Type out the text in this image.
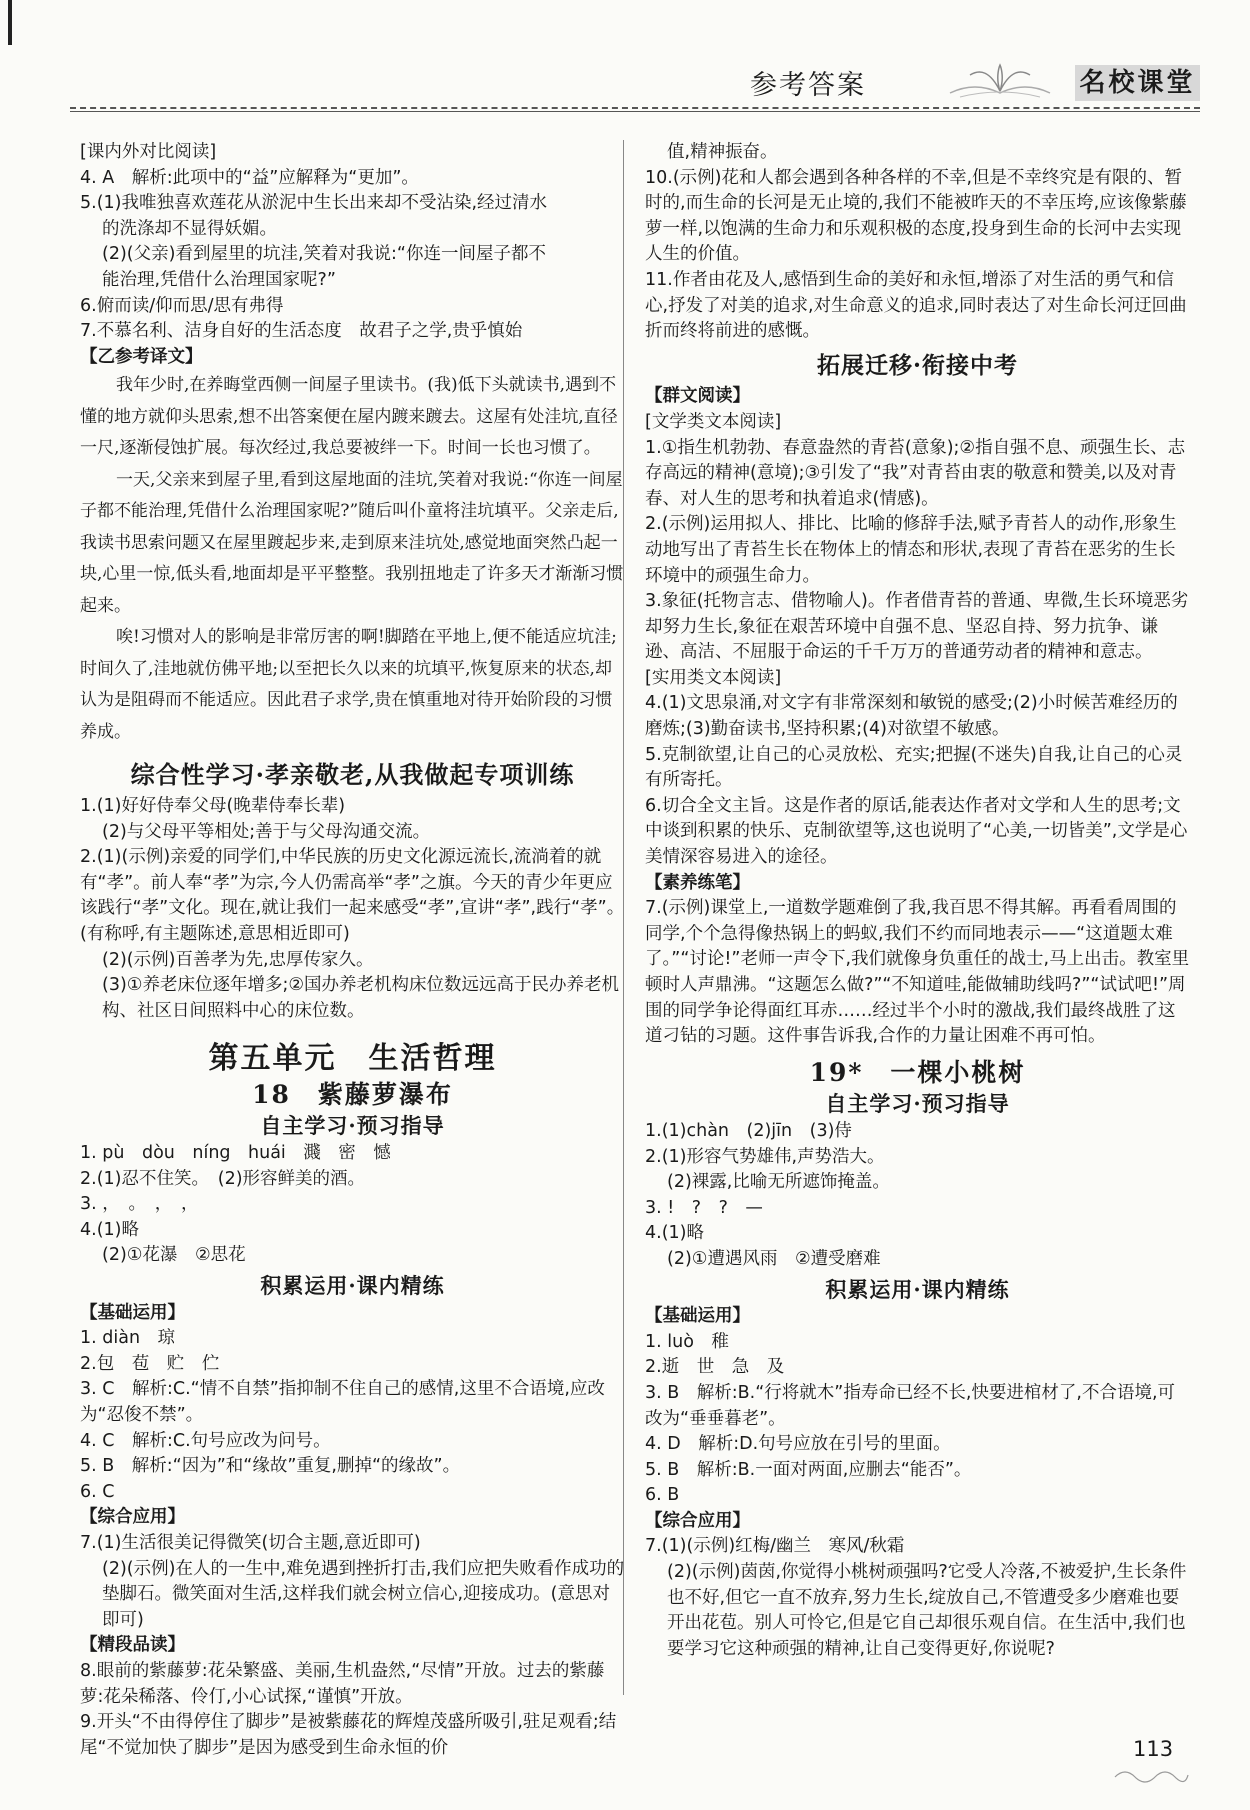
参考答案	名校课堂

[课内外对比阅读]

4. A　解析:此项中的“益”应解释为“更加”。

5.(1)我唯独喜欢莲花从淤泥中生长出来却不受沾染,经过清水

的洗涤却不显得妖媚。

(2)(父亲)看到屋里的坑洼,笑着对我说:“你连一间屋子都不

能治理,凭借什么治理国家呢?”

6.俯而读/仰而思/思有弗得

7.不慕名利、洁身自好的生活态度　故君子之学,贵乎慎始

【乙参考译文】

我年少时,在养晦堂西侧一间屋子里读书。(我)低下头就读书,遇到不懂的地方就仰头思索,想不出答案便在屋内踱来踱去。这屋有处洼坑,直径一尺,逐渐侵蚀扩展。每次经过,我总要被绊一下。时间一长也习惯了。

一天,父亲来到屋子里,看到这屋地面的洼坑,笑着对我说:“你连一间屋子都不能治理,凭借什么治理国家呢?”随后叫仆童将洼坑填平。父亲走后,我读书思索问题又在屋里踱起步来,走到原来洼坑处,感觉地面突然凸起一块,心里一惊,低头看,地面却是平平整整。我别扭地走了许多天才渐渐习惯起来。

唉!习惯对人的影响是非常厉害的啊!脚踏在平地上,便不能适应坑洼;时间久了,洼地就仿佛平地;以至把长久以来的坑填平,恢复原来的状态,却认为是阻碍而不能适应。因此君子求学,贵在慎重地对待开始阶段的习惯养成。

综合性学习·孝亲敬老,从我做起专项训练

1.(1)好好侍奉父母(晚辈侍奉长辈)

(2)与父母平等相处;善于与父母沟通交流。

2.(1)(示例)亲爱的同学们,中华民族的历史文化源远流长,流淌着的就有“孝”。前人奉“孝”为宗,今人仍需高举“孝”之旗。今天的青少年更应该践行“孝”文化。现在,就让我们一起来感受“孝”,宣讲“孝”,践行“孝”。(有称呼,有主题陈述,意思相近即可)

(2)(示例)百善孝为先,忠厚传家久。

(3)①养老床位逐年增多;②国办养老机构床位数远远高于民办养老机构、社区日间照料中心的床位数。

第五单元　生活哲理
18　紫藤萝瀑布
自主学习·预习指导

1. pù　dòu　níng　huái　濺　密　憾

2.(1)忍不住笑。　(2)形容鲜美的酒。

3. ，　。　，　，

4.(1)略

(2)①花瀑　②思花

积累运用·课内精练

【基础运用】

1. diàn　琼

2.包　苞　贮　伫

3. C　解析:C.“情不自禁”指抑制不住自己的感情,这里不合语境,应改为“忍俊不禁”。

4. C　解析:C.句号应改为问号。

5. B　解析:“因为”和“缘故”重复,删掉“的缘故”。

6. C

【综合应用】

7.(1)生活很美记得微笑(切合主题,意近即可)

(2)(示例)在人的一生中,难免遇到挫折打击,我们应把失败看作成功的垫脚石。微笑面对生活,这样我们就会树立信心,迎接成功。(意思对即可)

【精段品读】

8.眼前的紫藤萝:花朵繁盛、美丽,生机盎然,“尽情”开放。过去的紫藤萝:花朵稀落、伶仃,小心试探,“谨慎”开放。

9.开头“不由得停住了脚步”是被紫藤花的辉煌茂盛所吸引,驻足观看;结尾“不觉加快了脚步”是因为感受到生命永恒的价

值,精神振奋。

10.(示例)花和人都会遇到各种各样的不幸,但是不幸终究是有限的、暂时的,而生命的长河是无止境的,我们不能被昨天的不幸压垮,应该像紫藤萝一样,以饱满的生命力和乐观积极的态度,投身到生命的长河中去实现人生的价值。

11.作者由花及人,感悟到生命的美好和永恒,增添了对生活的勇气和信心,抒发了对美的追求,对生命意义的追求,同时表达了对生命长河迂回曲折而终将前进的感慨。

拓展迁移·衔接中考

【群文阅读】

[文学类文本阅读]

1.①指生机勃勃、春意盎然的青苔(意象);②指自强不息、顽强生长、志存高远的精神(意境);③引发了“我”对青苔由衷的敬意和赞美,以及对青春、对人生的思考和执着追求(情感)。

2.(示例)运用拟人、排比、比喻的修辞手法,赋予青苔人的动作,形象生动地写出了青苔生长在物体上的情态和形状,表现了青苔在恶劣的生长环境中的顽强生命力。

3.象征(托物言志、借物喻人)。作者借青苔的普通、卑微,生长环境恶劣却努力生长,象征在艰苦环境中自强不息、坚忍自持、努力抗争、谦逊、高洁、不屈服于命运的千千万万的普通劳动者的精神和意志。

[实用类文本阅读]

4.(1)文思泉涌,对文字有非常深刻和敏锐的感受;(2)小时候苦难经历的磨炼;(3)勤奋读书,坚持积累;(4)对欲望不敏感。

5.克制欲望,让自己的心灵放松、充实;把握(不迷失)自我,让自己的心灵有所寄托。

6.切合全文主旨。这是作者的原话,能表达作者对文学和人生的思考;文中谈到积累的快乐、克制欲望等,这也说明了“心美,一切皆美”,文学是心美情深容易进入的途径。

【素养练笔】

7.(示例)课堂上,一道数学题难倒了我,我百思不得其解。再看看周围的同学,个个急得像热锅上的蚂蚁,我们不约而同地表示——“这道题太难了。”“讨论!”老师一声令下,我们就像身负重任的战士,马上出击。教室里顿时人声鼎沸。“这题怎么做?”“不知道哇,能做辅助线吗?”“试试吧!”周围的同学争论得面红耳赤……经过半个小时的激战,我们最终战胜了这道刁钻的习题。这件事告诉我,合作的力量让困难不再可怕。

19*　一棵小桃树
自主学习·预习指导

1.(1)chàn　(2)jīn　(3)侍

2.(1)形容气势雄伟,声势浩大。

(2)裸露,比喻无所遮饰掩盖。

3. !　?　?　—

4.(1)略

(2)①遭遇风雨　②遭受磨难

积累运用·课内精练

【基础运用】

1. luò　稚

2.逝　世　急　及

3. B　解析:B.“行将就木”指寿命已经不长,快要进棺材了,不合语境,可改为“垂垂暮老”。

4. D　解析:D.句号应放在引号的里面。

5. B　解析:B.一面对两面,应删去“能否”。

6. B

【综合应用】

7.(1)(示例)红梅/幽兰　寒风/秋霜

(2)(示例)茵茵,你觉得小桃树顽强吗?它受人冷落,不被爱护,生长条件也不好,但它一直不放弃,努力生长,绽放自己,不管遭受多少磨难也要开出花苞。别人可怜它,但是它自己却很乐观自信。在生活中,我们也要学习它这种顽强的精神,让自己变得更好,你说呢?

113
